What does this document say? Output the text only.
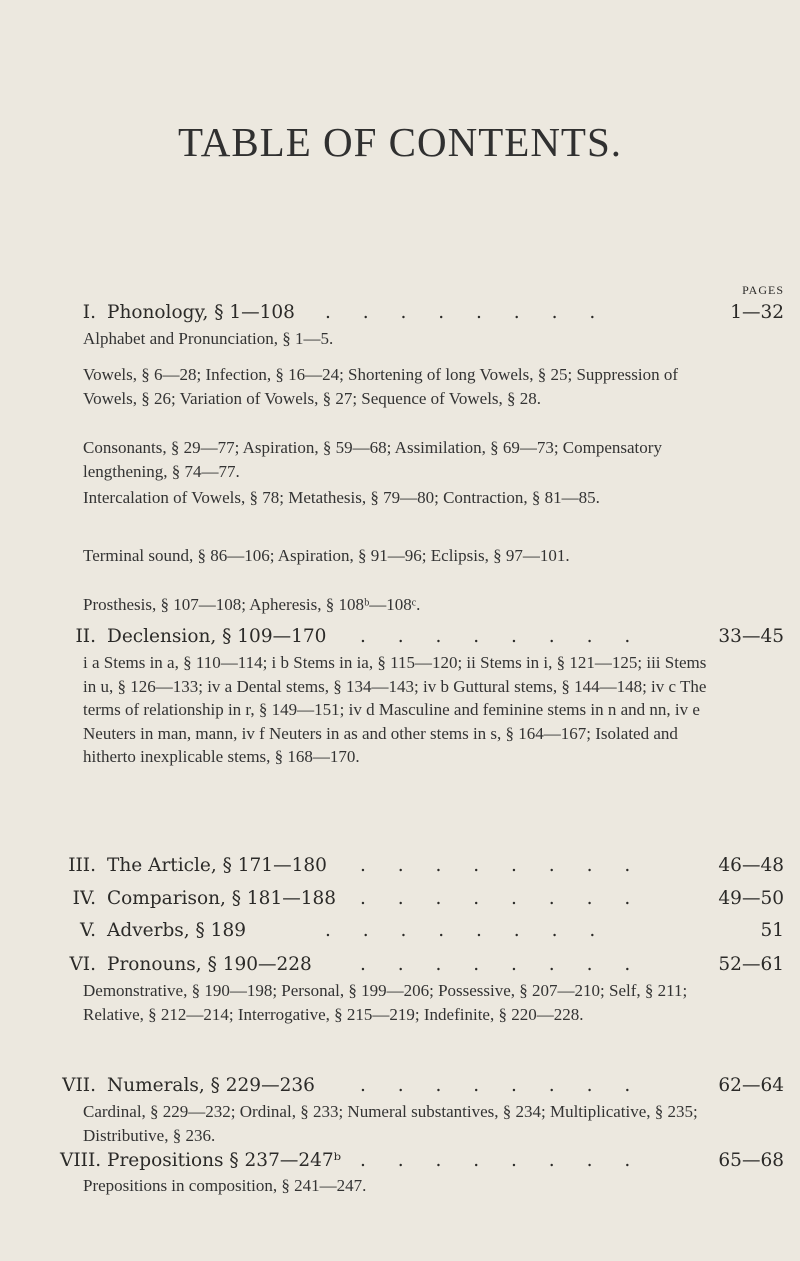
TABLE OF CONTENTS.
PAGES
I. Phonology, § 1—108 . . . . . . . .	1—32
Alphabet and Pronunciation, § 1—5.
Vowels, § 6—28; Infection, § 16—24; Shortening of long Vowels, § 25; Suppression of Vowels, § 26; Variation of Vowels, § 27; Sequence of Vowels, § 28.
Consonants, § 29—77; Aspiration, § 59—68; Assimilation, § 69—73; Compensatory lengthening, § 74—77.
Intercalation of Vowels, § 78; Metathesis, § 79—80; Contraction, § 81—85.
Terminal sound, § 86—106; Aspiration, § 91—96; Eclipsis, § 97—101.
Prosthesis, § 107—108; Apheresis, § 108ᵇ—108ᶜ.
II. Declension, § 109—170 . . . . . . . .	33—45
i a Stems in a, § 110—114; i b Stems in ia, § 115—120; ii Stems in i, § 121—125; iii Stems in u, § 126—133; iv a Dental stems, § 134—143; iv b Guttural stems, § 144—148; iv c The terms of relationship in r, § 149—151; iv d Masculine and feminine stems in n and nn, iv e Neuters in man, mann, iv f Neuters in as and other stems in s, § 164—167; Isolated and hitherto inexplicable stems, § 168—170.
III. The Article, § 171—180 . . . . . . . .	46—48
IV. Comparison, § 181—188 . . . . . . . .	49—50
V. Adverbs, § 189	. . . . . . . .	51
VI. Pronouns, § 190—228	. . . . . . . .	52—61
Demonstrative, § 190—198; Personal, § 199—206; Possessive, § 207—210; Self, § 211; Relative, § 212—214; Interrogative, § 215—219; Indefinite, § 220—228.
VII. Numerals, § 229—236 . . . . . . . .	62—64
Cardinal, § 229—232; Ordinal, § 233; Numeral substantives, § 234; Multiplicative, § 235; Distributive, § 236.
VIII. Prepositions § 237—247ᵇ . . . . . . . .	65—68
Prepositions in composition, § 241—247.
